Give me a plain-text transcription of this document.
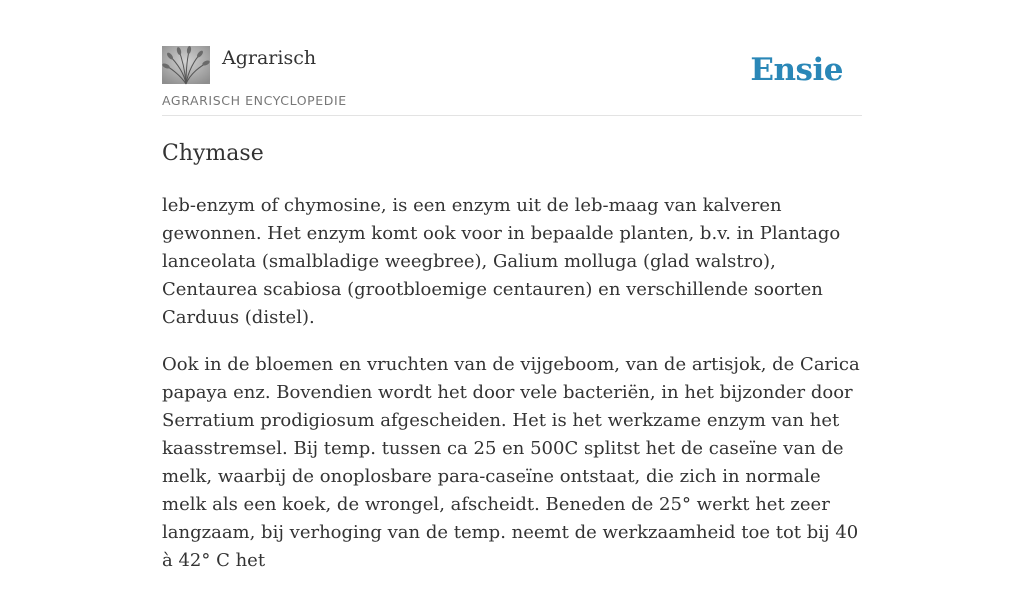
Agrarisch
AGRARISCH ENCYCLOPEDIE
Ensie
Chymase

leb-enzym of chymosine, is een enzym uit de leb-maag van kalveren gewonnen. Het enzym komt ook voor in bepaalde planten, b.v. in Plantago lanceolata (smalbladige weegbree), Galium molluga (glad walstro), Centaurea scabiosa (grootbloemige centauren) en verschillende soorten Carduus (distel).

Ook in de bloemen en vruchten van de vijgeboom, van de artisjok, de Carica papaya enz. Bovendien wordt het door vele bacteriën, in het bijzonder door Serratium prodigiosum afgescheiden. Het is het werkzame enzym van het kaasstremsel. Bij temp. tussen ca 25 en 500C splitst het de caseïne van de melk, waarbij de onoplosbare para-caseïne ontstaat, die zich in normale melk als een koek, de wrongel, afscheidt. Beneden de 25° werkt het zeer langzaam, bij verhoging van de temp. neemt de werkzaamheid toe tot bij 40 à 42° C het
